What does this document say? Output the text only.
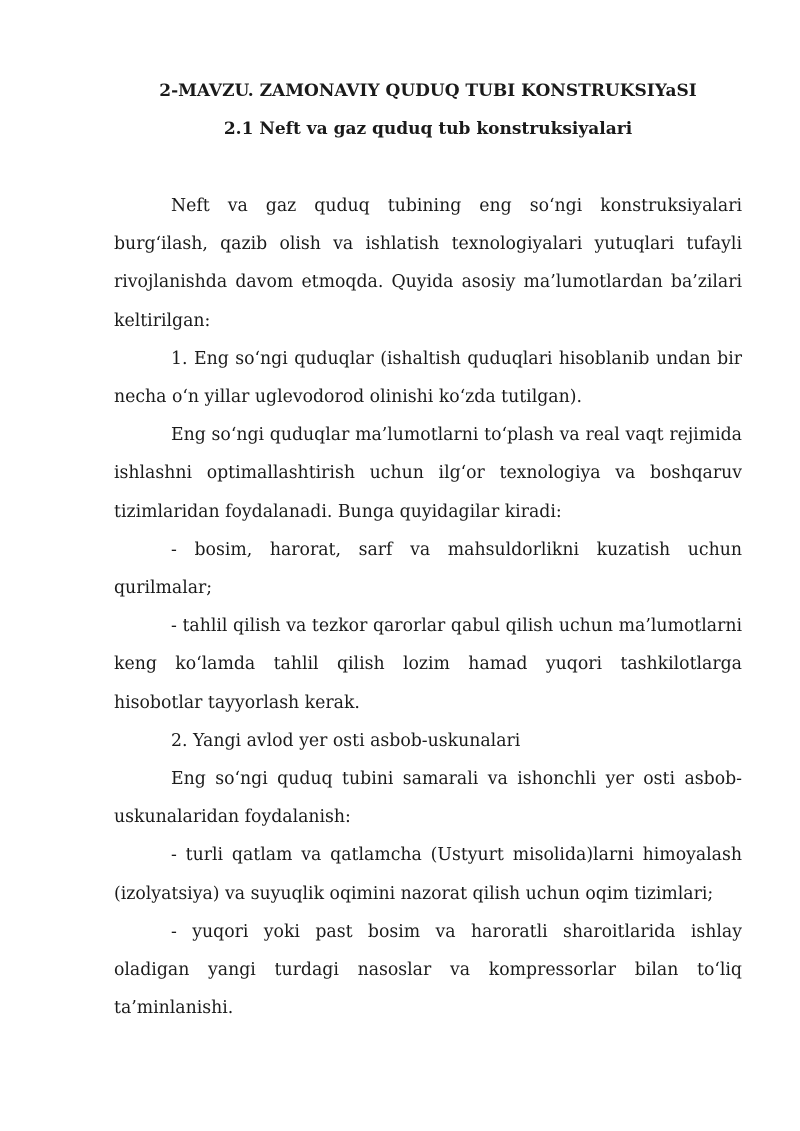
2-MAVZU. ZAMONAVIY QUDUQ TUBI KONSTRUKSIYaSI
2.1 Neft va gaz quduq tub konstruksiyalari

Neft va gaz quduq tubining eng so‘ngi konstruksiyalari burg‘ilash, qazib olish va ishlatish texnologiyalari yutuqlari tufayli rivojlanishda davom etmoqda. Quyida asosiy ma’lumotlardan ba’zilari keltirilgan:

1. Eng so‘ngi quduqlar (ishaltish quduqlari hisoblanib undan bir necha o‘n yillar uglevodorod olinishi ko‘zda tutilgan).

Eng so‘ngi quduqlar ma’lumotlarni to‘plash va real vaqt rejimida ishlashni optimallashtirish uchun ilg‘or texnologiya va boshqaruv tizimlaridan foydalanadi. Bunga quyidagilar kiradi:

- bosim, harorat, sarf va mahsuldorlikni kuzatish uchun qurilmalar;

- tahlil qilish va tezkor qarorlar qabul qilish uchun ma’lumotlarni keng ko‘lamda tahlil qilish lozim hamad yuqori tashkilotlarga hisobotlar tayyorlash kerak.

2. Yangi avlod yer osti asbob-uskunalari

Eng so‘ngi quduq tubini samarali va ishonchli yer osti asbob-uskunalaridan foydalanish:

- turli qatlam va qatlamcha (Ustyurt misolida)larni himoyalash (izolyatsiya) va suyuqlik oqimini nazorat qilish uchun oqim tizimlari;

- yuqori yoki past bosim va haroratli sharoitlarida ishlay oladigan yangi turdagi nasoslar va kompressorlar bilan to‘liq ta’minlanishi.
